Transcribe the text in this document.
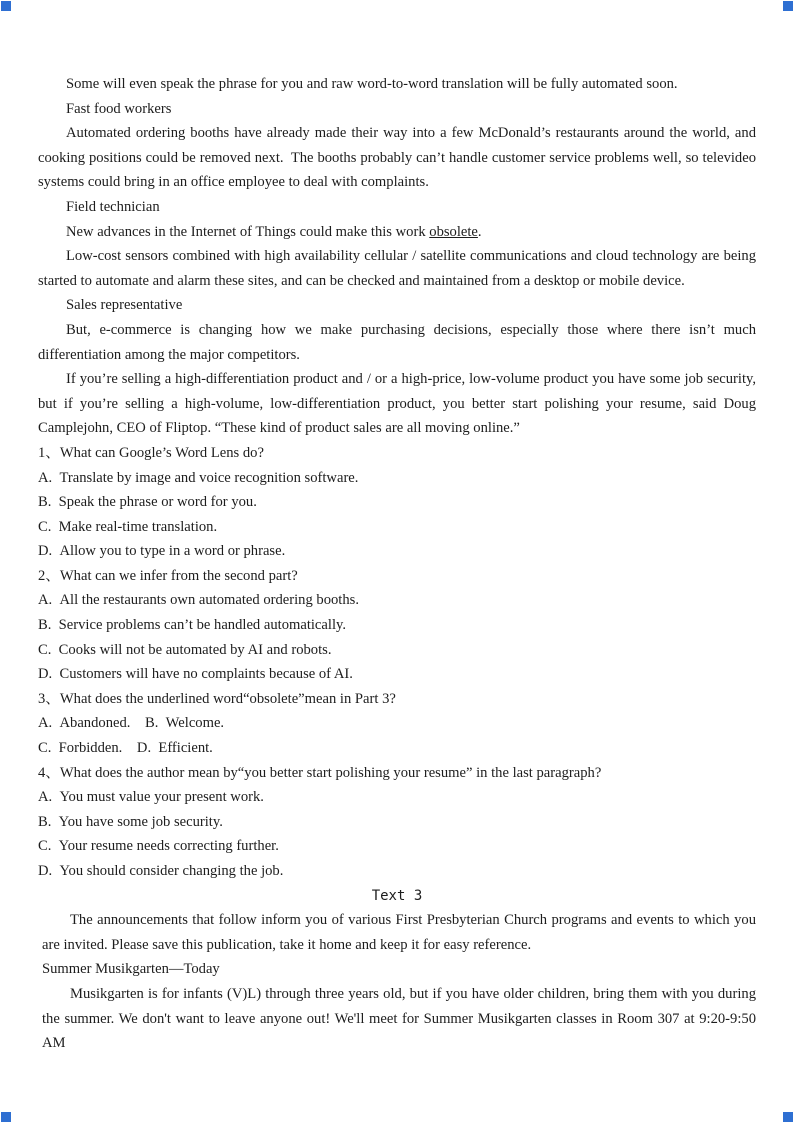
Some will even speak the phrase for you and raw word-to-word translation will be fully automated soon.

Fast food workers

Automated ordering booths have already made their way into a few McDonald’s restaurants around the world, and cooking positions could be removed next. The booths probably can’t handle customer service problems well, so televideo systems could bring in an office employee to deal with complaints.

Field technician

New advances in the Internet of Things could make this work obsolete.

Low-cost sensors combined with high availability cellular / satellite communications and cloud technology are being started to automate and alarm these sites, and can be checked and maintained from a desktop or mobile device.

Sales representative

But, e-commerce is changing how we make purchasing decisions, especially those where there isn’t much differentiation among the major competitors.

If you’re selling a high-differentiation product and / or a high-price, low-volume product you have some job security, but if you’re selling a high-volume, low-differentiation product, you better start polishing your resume, said Doug Camplejohn, CEO of Fliptop. “These kind of product sales are all moving online.”

1、What can Google’s Word Lens do?

A. Translate by image and voice recognition software.

B. Speak the phrase or word for you.

C. Make real-time translation.

D. Allow you to type in a word or phrase.

2、What can we infer from the second part?

A. All the restaurants own automated ordering booths.

B. Service problems can’t be handled automatically.

C. Cooks will not be automated by AI and robots.

D. Customers will have no complaints because of AI.

3、What does the underlined word“obsolete”mean in Part 3?

A. Abandoned.  B. Welcome.

C. Forbidden.  D. Efficient.

4、What does the author mean by“you better start polishing your resume” in the last paragraph?

A. You must value your present work.

B. You have some job security.

C. Your resume needs correcting further.

D. You should consider changing the job.

Text 3

The announcements that follow inform you of various First Presbyterian Church programs and events to which you are invited. Please save this publication, take it home and keep it for easy reference.

Summer Musikgarten—Today

Musikgarten is for infants (V)L) through three years old, but if you have older children, bring them with you during the summer. We don't want to leave anyone out! We'll meet for Summer Musikgarten classes in Room 307 at 9:20-9:50 AM
